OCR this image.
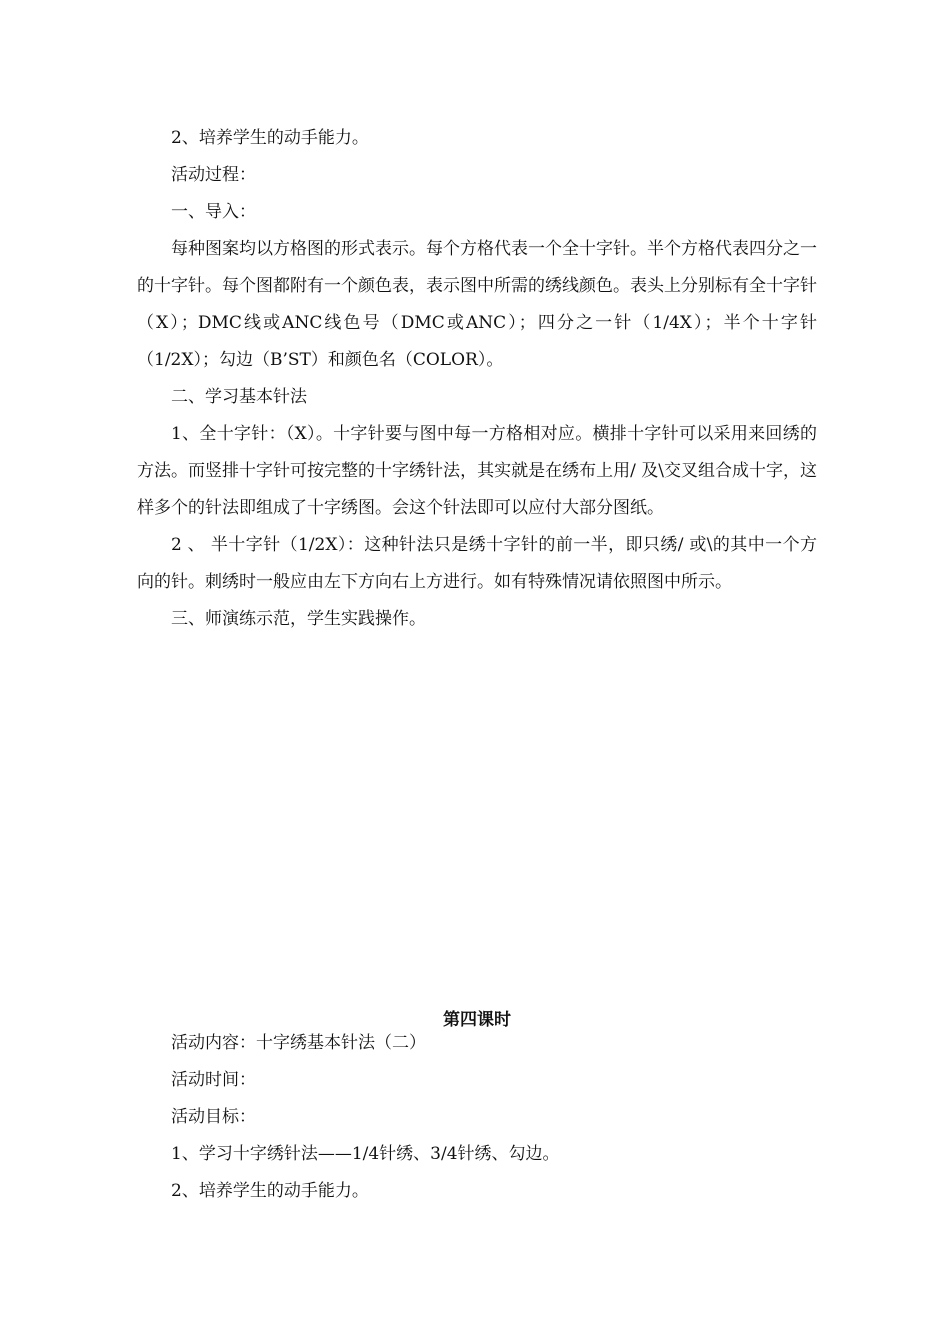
2、培养学生的动手能力。

活动过程：

一、导入：

每种图案均以方格图的形式表示。每个方格代表一个全十字针。半个方格代表四分之一的十字针。每个图都附有一个颜色表，表示图中所需的绣线颜色。表头上分别标有全十字针（X）；DMC线或ANC线色号（DMC或ANC）；四分之一针（1/4X）；半个十字针（1/2X）；勾边（B’ST）和颜色名（COLOR）。

二、学习基本针法

1、全十字针：（X）。十字针要与图中每一方格相对应。横排十字针可以采用来回绣的方法。而竖排十字针可按完整的十字绣针法，其实就是在绣布上用/ 及\交叉组合成十字，这样多个的针法即组成了十字绣图。会这个针法即可以应付大部分图纸。

2 、 半十字针（1/2X）：这种针法只是绣十字针的前一半，即只绣/ 或\的其中一个方向的针。刺绣时一般应由左下方向右上方进行。如有特殊情况请依照图中所示。

三、师演练示范，学生实践操作。

第四课时

活动内容：十字绣基本针法（二）

活动时间：

活动目标：

1、学习十字绣针法——1/4针绣、3/4针绣、勾边。

2、培养学生的动手能力。
